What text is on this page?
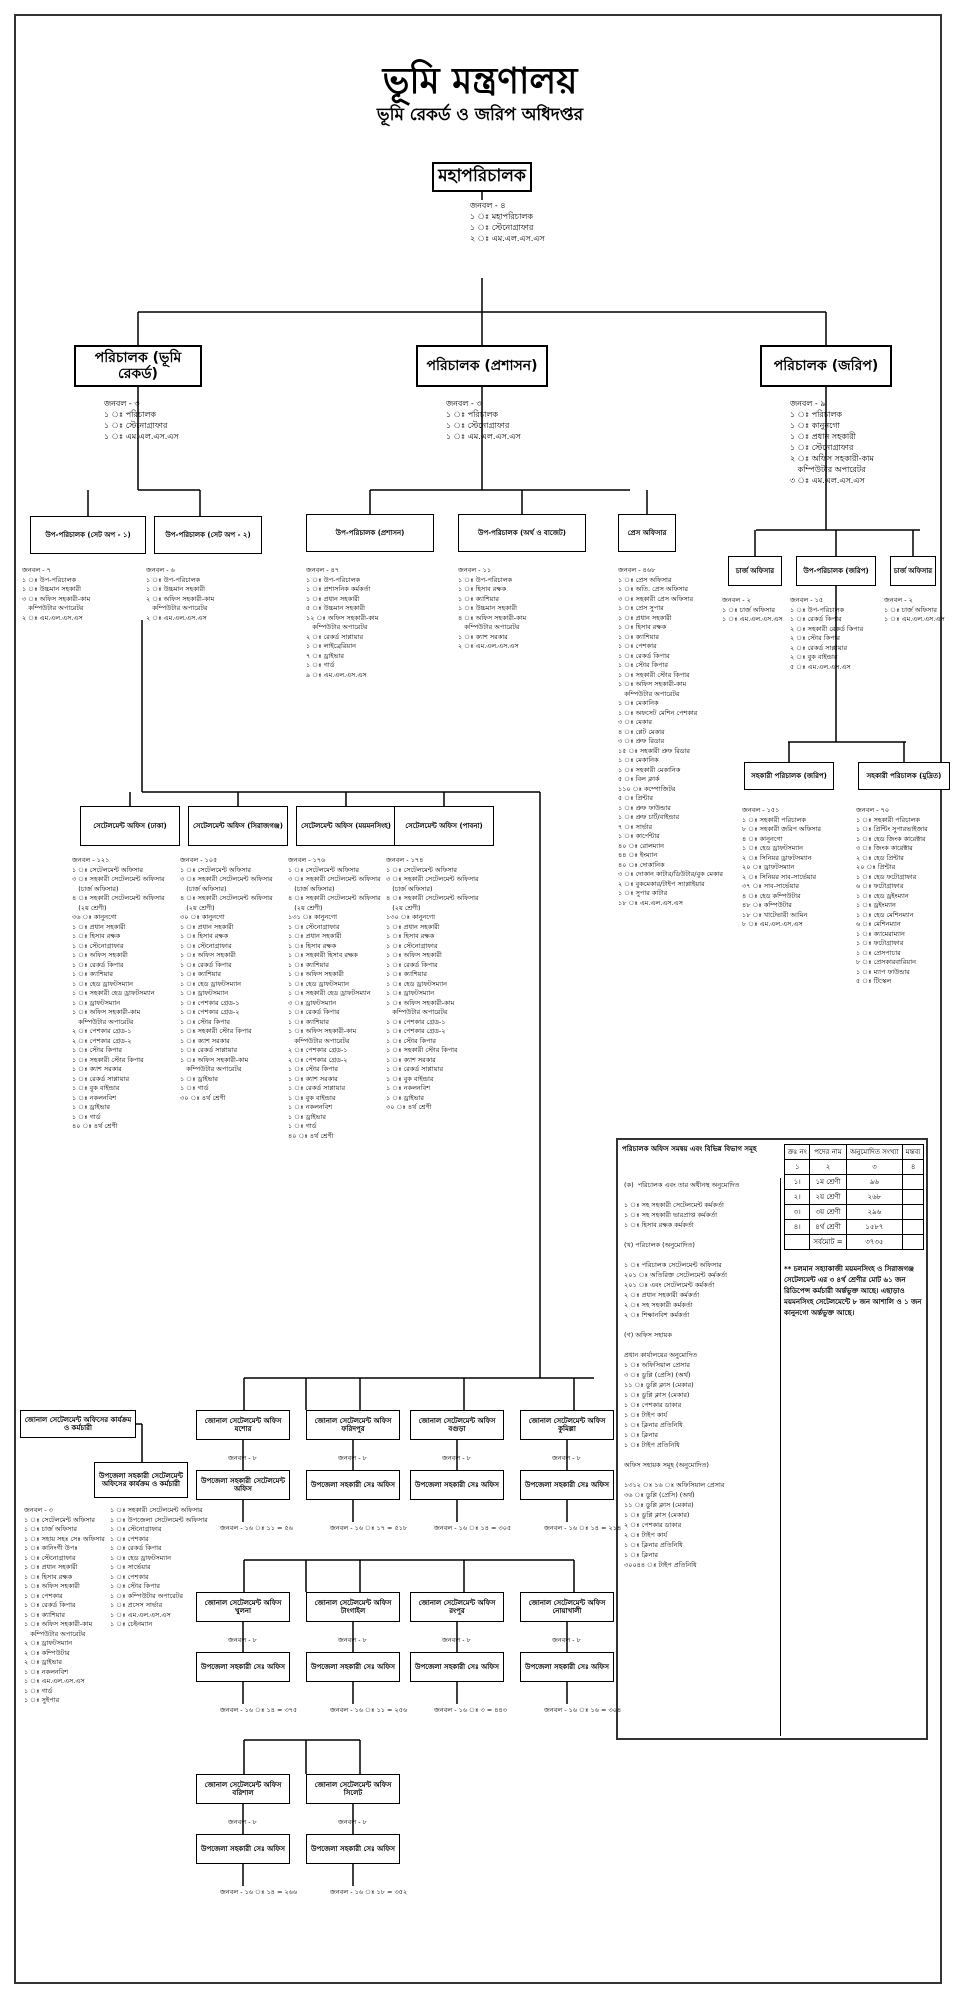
ভূমি মন্ত্রণালয়
ভূমি রেকর্ড ও জরিপ অধিদপ্তর
পরিচালক অফিস সমন্বয় এবং বিভিন্ন বিভাগ সমূহ
(ক)  পরিচালক এবং তার অধীনস্থ অনুমোদিত

১ ঃ সহ সহকারী সেটেলমেন্ট কর্মকর্তা
১ ঃ সহ সহকারী ভারপ্রাপ্ত কর্মকর্তা
১ ঃ হিসাব রক্ষক কর্মকর্তা

(খ) পরিচালক (অনুমোদিত)

১ ঃ পরিচালক সেটেলমেন্ট অফিসার
২০১ ঃ অতিরিক্ত সেটেলমেন্ট কর্মকর্তা
২০১ ঃ এবং সেটেলমেন্ট কর্মকর্তা
২ ঃ প্রধান সহকারী কর্মকর্তা
২ ঃ সহ সহকারী কর্মকর্তা
২ ঃ শিক্ষানবিশ কর্মকর্তা

(গ) অফিস সহায়ক

প্রধান কার্যালয়ের অনুমোদিত
১ ঃ অফিসিয়াল প্রেসার
৩ ঃ ডুপ্লি (প্রেসি) (অৰ্থ)
১১ ঃ ডুপ্লি ক্লাস (মেকার)
১ ঃ ডুপ্লি ক্লাস (মেকার)
১ ঃ পেশকার ডাকার
১ ঃ টাইপ কার্য
১ ঃ ক্লিনার প্রতিনিধি
১ ঃ ক্লিনার
১ ঃ টাইপ প্রতিনিধি

অফিস সহায়ক সমূহ (অনুমোদিত)

১৩১২ ঃ ১৬ ঃ অফিসিয়াল প্রেসার
৩৬ ঃ ডুপ্লি (প্রেসি) (অৰ্থ)
১১ ঃ ডুপ্লি ক্লাস (মেকার)
১ ঃ ডুপ্লি ক্লাস (মেকার)
২ ঃ পেশকার ডাকার
২ ঃ টাইপ কার্য
১ ঃ ক্লিনার প্রতিনিধি
১ ঃ ক্লিনার
৩০০৪৪ ঃ টাইপ প্রতিনিধি
ক্রঃ নং	পদের নাম	অনুমোদিত সংখ্যা	মন্তব্য
১	২	৩	৪
১।	১ম শ্রেণী	৯৬	
২।	২য় শ্রেণী	২৬৮	
৩।	৩য় শ্রেণী	২৯৬	
৪।	৪র্থ শ্রেণী	১৫৮৭	
	সর্বমোট =	৩৭৩৫	
** চলমান সহ্যাকাজী ময়মনসিংহ ও সিরাজগঞ্জ সেটেলমেন্ট এর ৩ ৪র্থ শ্রেণীর মোট ৬১ জন রিডিপেন্স কর্মচারী অর্ন্তভুক্ত আছে। এছাড়াও ময়মনসিংহ সেটেলমেন্টে ৮ জন আশালি ও ১ জন কানুনগো অর্ন্তভুক্ত আছে।
মহাপরিচালক
জনবল - ৪
১ ঃ মহাপরিচালক
১ ঃ স্টেনোগ্রাফার
২ ঃ এম.এল.এস.এস
পরিচালক (ভূমি রেকর্ড)
জনবল - ৩
১ ঃ পরিচালক
১ ঃ স্টেনোগ্রাফার
১ ঃ এম.এল.এস.এস
পরিচালক (প্রশাসন)
জনবল - ৩
১ ঃ পরিচালক
১ ঃ স্টেনোগ্রাফার
১ ঃ এম.এল.এস.এস
পরিচালক (জরিপ)
জনবল - ৯
১ ঃ পরিচালক
১ ঃ কানুনগো
১ ঃ প্রধান সহকারী
১ ঃ স্টেনোগ্রাফার
২ ঃ অফিস সহকারী-কাম
কম্পিউটার অপারেটর
৩ ঃ এম.এল.এস.এস
উপ-পরিচালক (সেট অপ - ১)
জনবল - ৭
১ ঃ উপ-পরিচালক
১ ঃ উচ্চমান সহকারী
৩ ঃ অফিস সহকারী-কাম
কম্পিউটার অপারেটর
২ ঃ এম.এল.এস.এস
উপ-পরিচালক (সেট অপ - ২)
জনবল - ৬
১ ঃ উপ-পরিচালক
১ ঃ উচ্চমান সহকারী
২ ঃ অফিস সহকারী-কাম
কম্পিউটার অপারেটর
২ ঃ এম.এল.এস.এস
উপ-পরিচালক (প্রশাসন)
জনবল - ৪৭
১ ঃ উপ-পরিচালক
১ ঃ প্রশাসনিক কর্মকর্তা
১ ঃ প্রধান সহকারী
৫ ঃ উচ্চমান সহকারী
১২ ঃ অফিস সহকারী-কাম
কম্পিউটার অপারেটর
২ ঃ রেকর্ড সাপ্লায়ার
১ ঃ লাইব্রেরিয়ান
৭ ঃ ড্রাইভার
১ ঃ গার্ড
৯ ঃ এম.এল.এস.এস
উপ-পরিচালক (অর্থ ও বাজেট)
জনবল - ১১
১ ঃ উপ-পরিচালক
১ ঃ হিসাব রক্ষক
১ ঃ ক্যাশিয়ার
১ ঃ উচ্চমান সহকারী
৪ ঃ অফিস সহকারী-কাম
কম্পিউটার অপারেটর
১ ঃ ক্যাশ সরকার
২ ঃ এম.এল.এস.এস
প্রেস অফিসার
জনবল - ৪৬৮
১ ঃ প্রেস অফিসার
১ ঃ অতি. প্রেস অফিসার
৩ ঃ সহকারী প্রেস অফিসার
১ ঃ প্রেস সুপার
১ ঃ প্রধান সহকারী
১ ঃ হিসাব রক্ষক
১ ঃ ক্যাশিয়ার
১ ঃ পেশকার
১ ঃ রেকর্ড কিপার
১ ঃ স্টোর কিপার
১ ঃ সহকারী স্টোর কিপার
১ ঃ অফিস সহকারী-কাম
কম্পিউটার অপারেটর
১ ঃ মেকানিক
১ ঃ অফসেট মেশিন পেশকার
৩ ঃ মেকার
৪ ঃ প্লেট মেকার
৩ ঃ প্রুফ রিডার
১৫ ঃ সহকারী প্রুফ রিডার
১ ঃ মেকানিক
১ ঃ সহকারী মেকানিক
৫ ঃ বিল ক্লার্ক
১১০ ঃ কম্পোজিটর
৫ ঃ প্রিন্টার
১ ঃ প্রুফ ফাউন্ডার
১ ঃ প্রুফ চার্ট/বাইন্ডার
৭ ঃ সার্ভার
১ ঃ কার্পেন্টার
৪০ ঃ রোলম্যান
৪৪ ঃ ইংম্যান
৪০ ঃ দোকানিক
৩ ঃ দোকান কাটার/ডিউটার/বুক মেকার
২ ঃ বুকমেকার/টাইপ স্যাপ্লাইয়ার
১ ঃ সুপার কাটার
১৮ ঃ এম.এল.এস.এস
চার্জ অফিসার
জনবল - ২
১ ঃ চার্জ অফিসার
১ ঃ এম.এল.এস.এস
উপ-পরিচালক (জরিপ)
জনবল - ১৫
১ ঃ উপ-পরিচালক
১ ঃ রেকর্ড কিপার
২ ঃ সহকারী রেকর্ড কিপার
২ ঃ স্টোর কিপার
২ ঃ রেকর্ড সাপ্লায়ার
২ ঃ বুক বাইন্ডার
৫ ঃ এম.এল.এস.এস
চার্জ অফিসার
জনবল - ২
১ ঃ চার্জ অফিসার
১ ঃ এম.এল.এস.এস
সহকারী পরিচালক (জরিপ)
জনবল - ১৫১
১ ঃ সহকারী পরিচালক
৮ ঃ সহকারী জরিপ অফিসার
৪ ঃ কানুনগো
১ ঃ হেড ড্রাফটসম্যান
২ ঃ সিনিয়র ড্রাফটসম্যান
২০ ঃ ড্রাফটসম্যান
২ ঃ সিনিয়র সাব-সার্ভেয়ার
৩৭ ঃ সাব-সার্ভেয়ার
৪ ঃ হেড কম্পিউটার
৪৮ ঃ কম্পিউটার
১৮ ঃ খাটেভারী আমিন
৮ ঃ এম.এল.এস.এস
সহকারী পরিচালক (মুদ্রিত)
জনবল - ৭০
১ ঃ সহকারী পরিচালক
১ ঃ প্রিন্টিং সুপারভাইজার
১ ঃ হেড জিংক কারেক্টার
৩ ঃ জিংক কারেক্টার
২ ঃ হেড প্রিন্টার
২০ ঃ প্রিন্টার
১ ঃ হেড ফটোগ্রাফার
৬ ঃ ফটোগ্রাফার
১ ঃ হেড ড্রইংম্যান
১ ঃ ড্রইংম্যান
১ ঃ হেড মেশিনম্যান
৬ ঃ মেশিনম্যান
১ ঃ ক্যামেরাম্যান
১ ঃ ফটোগ্রাফার
১ ঃ প্রেসপাচার
৮ ঃ প্রেসকারবারিয়ান
১ ঃ ম্যাপ ফাউন্ডার
৫ ঃ টিস্কেল
সেটেলমেন্ট অফিস (ঢাকা)
জনবল - ১২১
১ ঃ সেটেলমেন্ট অফিসার
৩ ঃ সহকারী সেটেলমেন্ট অফিসার
(চার্জ অফিসার)
৪ ঃ সহকারী সেটেলমেন্ট অফিসার
(২য় শ্রেণী)
৩৬ ঃ কানুনগো
১ ঃ প্রধান সহকারী
১ ঃ হিসাব রক্ষক
১ ঃ স্টেনোগ্রাফার
১ ঃ অফিস সহকারী
১ ঃ রেকর্ড কিপার
১ ঃ ক্যাশিয়ার
১ ঃ হেড ড্রাফটসম্যান
১ ঃ সহকারী হেড ড্রাফটসম্যান
১ ঃ ড্রাফটসম্যান
১ ঃ অফিস সহকারী-কাম
কম্পিউটার অপারেটর
২ ঃ পেশকার গ্রেড-১
২ ঃ পেশকার গ্রেড-২
১ ঃ স্টোর কিপার
১ ঃ সহকারী স্টোর কিপার
১ ঃ ক্যাশ সরকার
১ ঃ রেকর্ড সাপ্লায়ার
১ ঃ বুক বাইন্ডার
১ ঃ নকলনবিশ
১ ঃ ড্রাইভার
১ ঃ গার্ড
৪০ ঃ ৪র্থ শ্রেণী
সেটেলমেন্ট অফিস (সিরাজগঞ্জ)
জনবল - ১০৫
১ ঃ সেটেলমেন্ট অফিসার
৩ ঃ সহকারী সেটেলমেন্ট অফিসার
(চার্জ অফিসার)
৪ ঃ সহকারী সেটেলমেন্ট অফিসার
(২য় শ্রেণী)
৩০ ঃ কানুনগো
১ ঃ প্রধান সহকারী
১ ঃ হিসাব রক্ষক
১ ঃ স্টেনোগ্রাফার
১ ঃ অফিস সহকারী
১ ঃ রেকর্ড কিপার
১ ঃ ক্যাশিয়ার
১ ঃ হেড ড্রাফটসম্যান
১ ঃ ড্রাফটসম্যান
১ ঃ পেশকার গ্রেড-১
১ ঃ পেশকার গ্রেড-২
১ ঃ স্টোর কিপার
১ ঃ সহকারী স্টোর কিপার
১ ঃ ক্যাশ সরকার
১ ঃ রেকর্ড সাপ্লায়ার
১ ঃ অফিস সহকারী-কাম
কম্পিউটার অপারেটর
১ ঃ ড্রাইভার
১ ঃ গার্ড
৩০ ঃ ৪র্থ শ্রেণী
সেটেলমেন্ট অফিস (ময়মনসিংহ)
জনবল - ১৭৬
১ ঃ সেটেলমেন্ট অফিসার
৩ ঃ সহকারী সেটেলমেন্ট অফিসার
(চার্জ অফিসার)
৪ ঃ সহকারী সেটেলমেন্ট অফিসার
(২য় শ্রেণী)
১৩১ ঃ কানুনগো
১ ঃ স্টেনোগ্রাফার
১ ঃ প্রধান সহকারী
১ ঃ হিসাব রক্ষক
১ ঃ সহকারী হিসাব রক্ষক
১ ঃ ক্যাশিয়ার
১ ঃ অফিস সহকারী
১ ঃ হেড ড্রাফটসম্যান
১ ঃ সহকারী হেড ড্রাফটসম্যান
৩ ঃ ড্রাফটসম্যান
১ ঃ রেকর্ড কিপার
১ ঃ ক্যাশিয়ার
১ ঃ অফিস সহকারী-কাম
কম্পিউটার অপারেটর
২ ঃ পেশকার গ্রেড-১
২ ঃ পেশকার গ্রেড-২
১ ঃ স্টোর কিপার
১ ঃ ক্যাশ সরকার
১ ঃ রেকর্ড সাপ্লায়ার
১ ঃ বুক বাইন্ডার
১ ঃ নকলনবিশ
১ ঃ ড্রাইভার
১ ঃ গার্ড
৪০ ঃ ৪র্থ শ্রেণী
সেটেলমেন্ট অফিস (পাবনা)
জনবল - ১৭৪
১ ঃ সেটেলমেন্ট অফিসার
৩ ঃ সহকারী সেটেলমেন্ট অফিসার
(চার্জ অফিসার)
৪ ঃ সহকারী সেটেলমেন্ট অফিসার
(২য় শ্রেণী)
১৩০ ঃ কানুনগো
১ ঃ প্রধান সহকারী
১ ঃ হিসাব রক্ষক
১ ঃ স্টেনোগ্রাফার
১ ঃ অফিস সহকারী
১ ঃ রেকর্ড কিপার
১ ঃ ক্যাশিয়ার
১ ঃ হেড ড্রাফটসম্যান
১ ঃ ড্রাফটসম্যান
১ ঃ অফিস সহকারী-কাম
কম্পিউটার অপারেটর
১ ঃ পেশকার গ্রেড-১
১ ঃ পেশকার গ্রেড-২
১ ঃ স্টোর কিপার
১ ঃ সহকারী স্টোর কিপার
১ ঃ ক্যাশ সরকার
১ ঃ রেকর্ড সাপ্লায়ার
১ ঃ বুক বাইন্ডার
১ ঃ নকলনবিশ
১ ঃ ড্রাইভার
৩০ ঃ ৪র্থ শ্রেণী
জোনাল সেটেলমেন্ট অফিসের কার্যক্রম ও কর্মচারী
উপজেলা সহকারী সেটেলমেন্ট অফিসের কার্যক্রম ও কর্মচারী
জনবল - ৩
১ ঃ সেটেলমেন্ট অফিসার
১ ঃ চার্জ অফিসার
১ ঃ সহায় সহঃ সেঃ অফিসার
১ ঃ কানিংগী উপঃ
১ ঃ স্টেনোগ্রাফার
১ ঃ প্রধান সহকারী
১ ঃ হিসাব রক্ষক
১ ঃ অফিস সহকারী
১ ঃ পেশকার
১ ঃ রেকর্ড কিপার
১ ঃ ক্যাশিয়ার
১ ঃ অফিস সহকারী-কাম
কম্পিউটার অপারেটর
২ ঃ ড্রাফটসম্যান
২ ঃ কম্পিউটার
২ ঃ ড্রাইভার
১ ঃ নকলনবিশ
১ ঃ এম.এল.এস.এস
১ ঃ গার্ড
১ ঃ সুইপার
১ ঃ সহকারী সেটেলমেন্ট অফিসার
১ ঃ উপজেলা সেটেলমেন্ট অফিসার
১ ঃ স্টেনোগ্রাফার
১ ঃ পেশকার
১ ঃ রেকর্ড কিপার
১ ঃ হেড ড্রাফটসম্যান
১ ঃ সার্ভেয়ার
১ ঃ পেশকার
১ ঃ স্টোর কিপার
১ ঃ কম্পিউটার অপারেটর
১ ঃ প্রসেস সার্ভার
১ ঃ এম.এল.এস.এস
১ ঃ চেইনম্যান
জোনাল সেটেলমেন্ট অফিস যশোর
জনবল - ৮
উপজেলা সহকারী সেটেলমেন্ট অফিস
জনবল - ১৬ ঃ ১১ = ৫৬
জোনাল সেটেলমেন্ট অফিস ফরিদপুর
জনবল - ৮
উপজেলা সহকারী সেঃ অফিস
জনবল - ১৬ ঃ ১৭ = ৫১৮
জোনাল সেটেলমেন্ট অফিস বগুড়া
জনবল - ৮
উপজেলা সহকারী সেঃ অফিস
জনবল - ১৬ ঃ ১৪ = ৩০৫
জোনাল সেটেলমেন্ট অফিস কুমিল্লা
জনবল - ৮
উপজেলা সহকারী সেঃ অফিস
জনবল - ১৬ ঃ ১৪ = ২১৪
জোনাল সেটেলমেন্ট অফিস খুলনা
জনবল - ৮
উপজেলা সহকারী সেঃ অফিস
জনবল - ১৬ ঃ ১৪ = ৩৭৫
জোনাল সেটেলমেন্ট অফিস টাংগাইল
জনবল - ৮
উপজেলা সহকারী সেঃ অফিস
জনবল - ১৬ ঃ ১১ = ২৫৬
জোনাল সেটেলমেন্ট অফিস রংপুর
জনবল - ৮
উপজেলা সহকারী সেঃ অফিস
জনবল - ১৬ ঃ ৩ = ৪৪৩
জোনাল সেটেলমেন্ট অফিস নোয়াখালী
জনবল - ৮
উপজেলা সহকারী সেঃ অফিস
জনবল - ১৬ ঃ ১৬ = ৩০৪
জোনাল সেটেলমেন্ট অফিস বরিশাল
জনবল - ৮
উপজেলা সহকারী সেঃ অফিস
জনবল - ১৬ ঃ ১৪ = ২৬৬
জোনাল সেটেলমেন্ট অফিস সিলেট
জনবল - ৮
উপজেলা সহকারী সেঃ অফিস
জনবল - ১৬ ঃ ১৮ = ৩৫২
